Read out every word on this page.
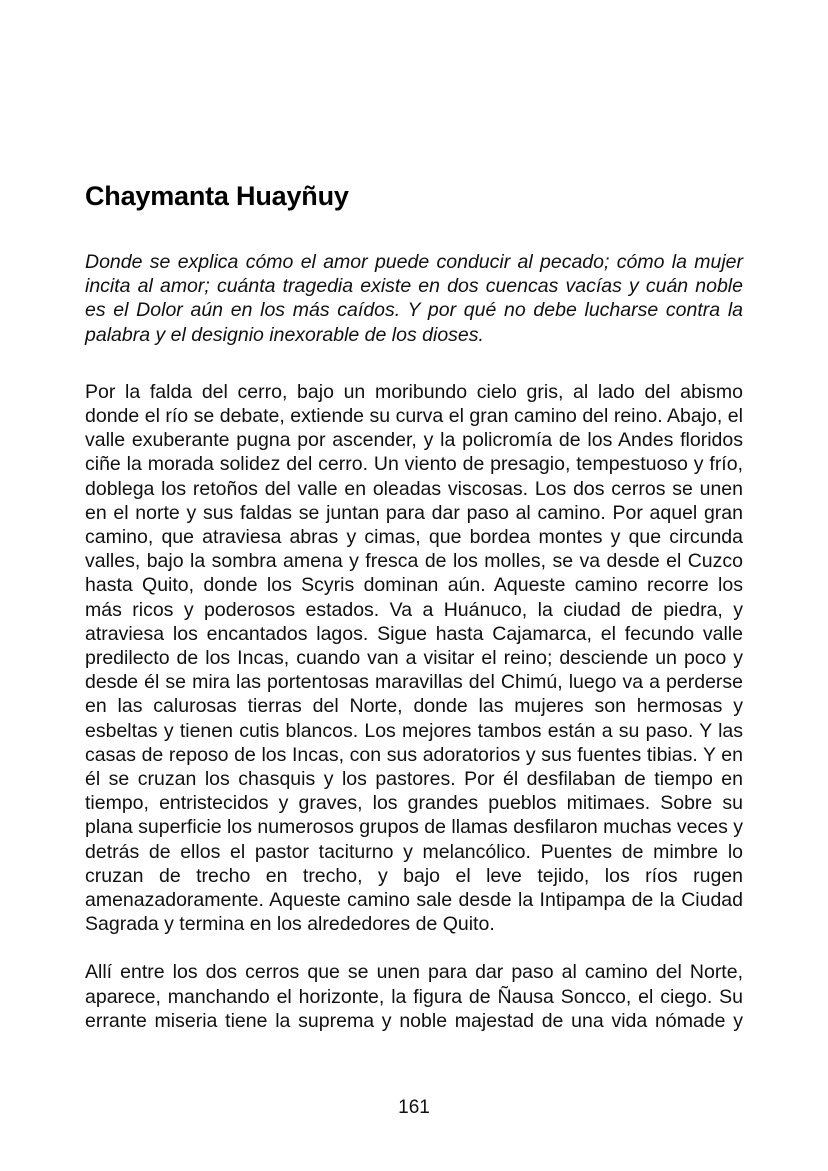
Chaymanta Huayñuy

Donde se explica cómo el amor puede conducir al pecado; cómo la mujer incita al amor; cuánta tragedia existe en dos cuencas vacías y cuán noble es el Dolor aún en los más caídos. Y por qué no debe lucharse contra la palabra y el designio inexorable de los dioses.

Por la falda del cerro, bajo un moribundo cielo gris, al lado del abismo donde el río se debate, extiende su curva el gran camino del reino. Abajo, el valle exuberante pugna por ascender, y la policromía de los Andes floridos ciñe la morada solidez del cerro. Un viento de presagio, tempestuoso y frío, doblega los retoños del valle en oleadas viscosas. Los dos cerros se unen en el norte y sus faldas se juntan para dar paso al camino. Por aquel gran camino, que atraviesa abras y cimas, que bordea montes y que circunda valles, bajo la sombra amena y fresca de los molles, se va desde el Cuzco hasta Quito, donde los Scyris dominan aún. Aqueste camino recorre los más ricos y poderosos estados. Va a Huánuco, la ciudad de piedra, y atraviesa los encantados lagos. Sigue hasta Cajamarca, el fecundo valle predilecto de los Incas, cuando van a visitar el reino; desciende un poco y desde él se mira las portentosas maravillas del Chimú, luego va a perderse en las calurosas tierras del Norte, donde las mujeres son hermosas y esbeltas y tienen cutis blancos. Los mejores tambos están a su paso. Y las casas de reposo de los Incas, con sus adoratorios y sus fuentes tibias. Y en él se cruzan los chasquis y los pastores. Por él desfilaban de tiempo en tiempo, entristecidos y graves, los grandes pueblos mitimaes. Sobre su plana superficie los numerosos grupos de llamas desfilaron muchas veces y detrás de ellos el pastor taciturno y melancólico. Puentes de mimbre lo cruzan de trecho en trecho, y bajo el leve tejido, los ríos rugen amenazadoramente. Aqueste camino sale desde la Intipampa de la Ciudad Sagrada y termina en los alrededores de Quito.

Allí entre los dos cerros que se unen para dar paso al camino del Norte, aparece, manchando el horizonte, la figura de Ñausa Soncco, el ciego. Su errante miseria tiene la suprema y noble majestad de una vida nómade y

161
